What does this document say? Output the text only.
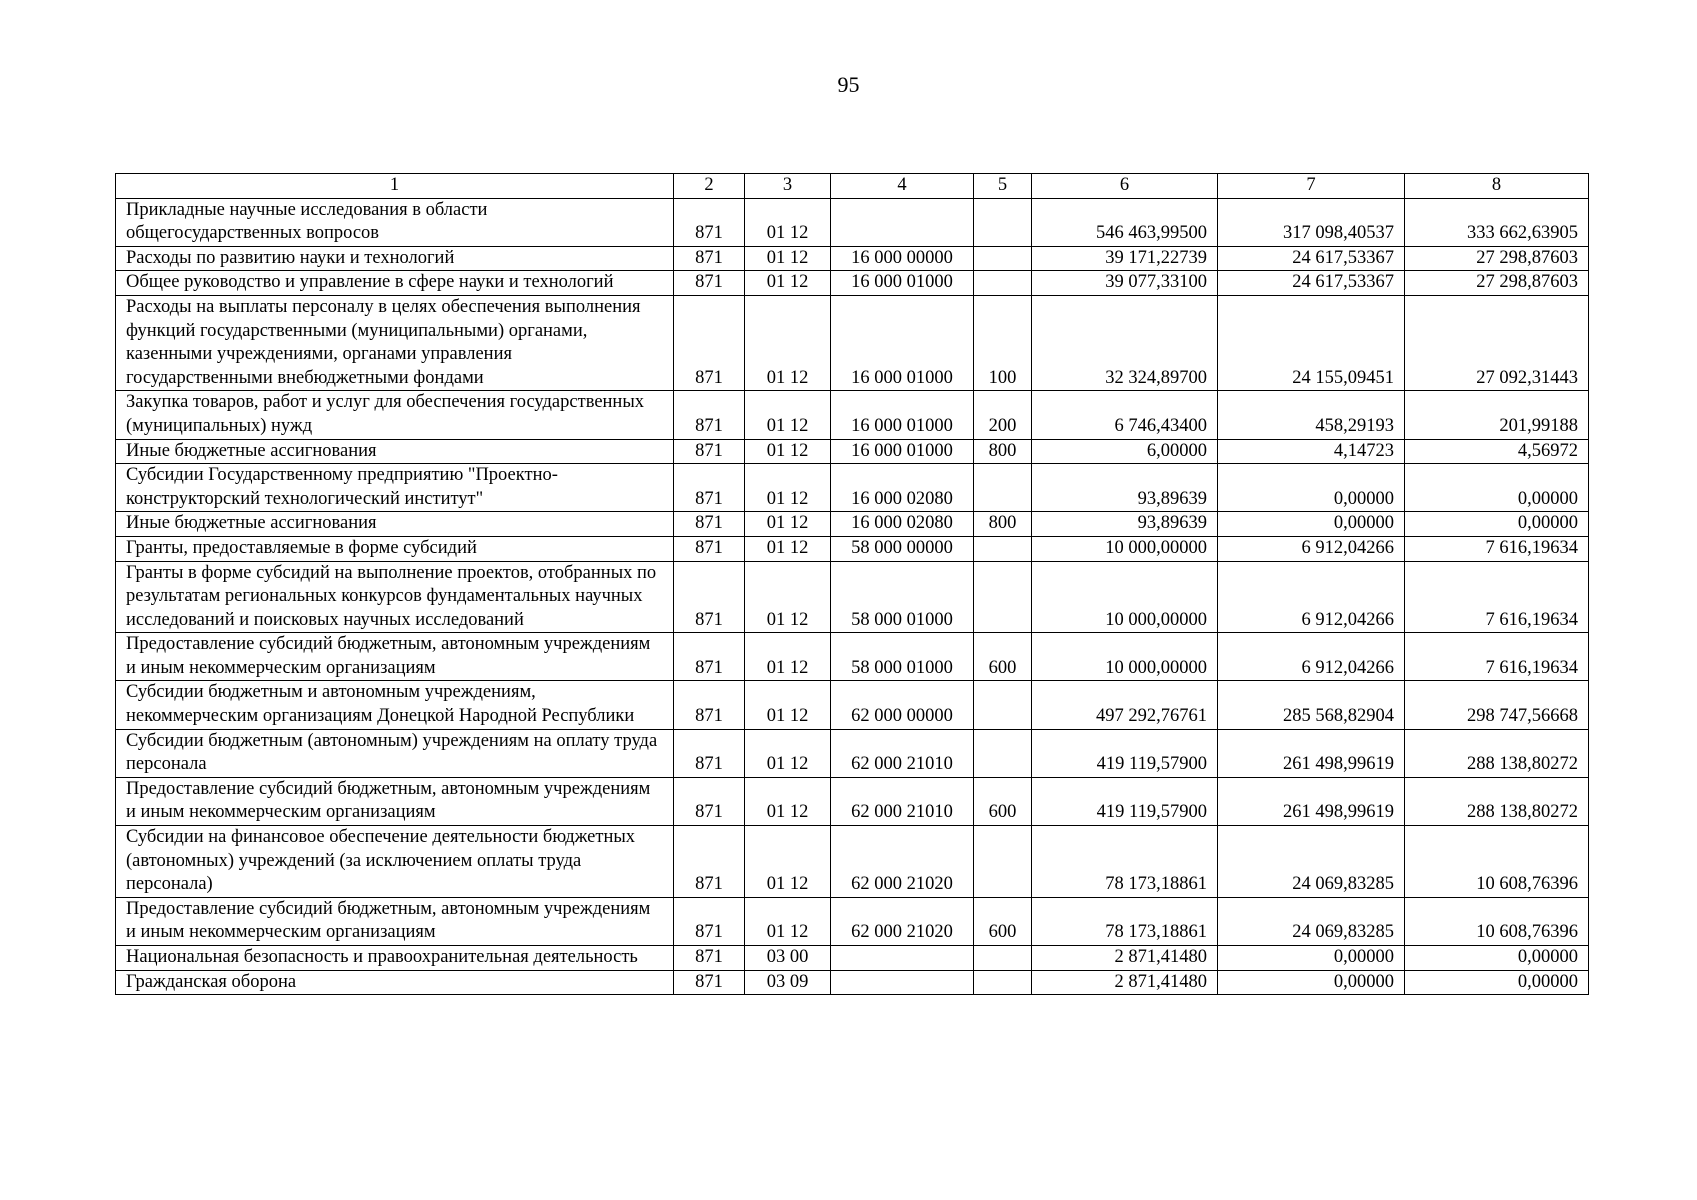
95
1	2	3	4	5	6	7	8
Прикладные научные исследования в области общегосударственных вопросов	871	01 12			546 463,99500	317 098,40537	333 662,63905
Расходы по развитию науки и технологий	871	01 12	16 000 00000		39 171,22739	24 617,53367	27 298,87603
Общее руководство и управление в сфере науки и технологий	871	01 12	16 000 01000		39 077,33100	24 617,53367	27 298,87603
Расходы на выплаты персоналу в целях обеспечения выполнения функций государственными (муниципальными) органами, казенными учреждениями, органами управления государственными внебюджетными фондами	871	01 12	16 000 01000	100	32 324,89700	24 155,09451	27 092,31443
Закупка товаров, работ и услуг для обеспечения государственных (муниципальных) нужд	871	01 12	16 000 01000	200	6 746,43400	458,29193	201,99188
Иные бюджетные ассигнования	871	01 12	16 000 01000	800	6,00000	4,14723	4,56972
Субсидии Государственному предприятию "Проектно-конструкторский технологический институт"	871	01 12	16 000 02080		93,89639	0,00000	0,00000
Иные бюджетные ассигнования	871	01 12	16 000 02080	800	93,89639	0,00000	0,00000
Гранты, предоставляемые в форме субсидий	871	01 12	58 000 00000		10 000,00000	6 912,04266	7 616,19634
Гранты в форме субсидий на выполнение проектов, отобранных по результатам региональных конкурсов фундаментальных научных исследований и поисковых научных исследований	871	01 12	58 000 01000		10 000,00000	6 912,04266	7 616,19634
Предоставление субсидий бюджетным, автономным учреждениям и иным некоммерческим организациям	871	01 12	58 000 01000	600	10 000,00000	6 912,04266	7 616,19634
Субсидии бюджетным и автономным учреждениям, некоммерческим организациям Донецкой Народной Республики	871	01 12	62 000 00000		497 292,76761	285 568,82904	298 747,56668
Субсидии бюджетным (автономным) учреждениям на оплату труда персонала	871	01 12	62 000 21010		419 119,57900	261 498,99619	288 138,80272
Предоставление субсидий бюджетным, автономным учреждениям и иным некоммерческим организациям	871	01 12	62 000 21010	600	419 119,57900	261 498,99619	288 138,80272
Субсидии на финансовое обеспечение деятельности бюджетных (автономных) учреждений (за исключением оплаты труда персонала)	871	01 12	62 000 21020		78 173,18861	24 069,83285	10 608,76396
Предоставление субсидий бюджетным, автономным учреждениям и иным некоммерческим организациям	871	01 12	62 000 21020	600	78 173,18861	24 069,83285	10 608,76396
Национальная безопасность и правоохранительная деятельность	871	03 00			2 871,41480	0,00000	0,00000
Гражданская оборона	871	03 09			2 871,41480	0,00000	0,00000
